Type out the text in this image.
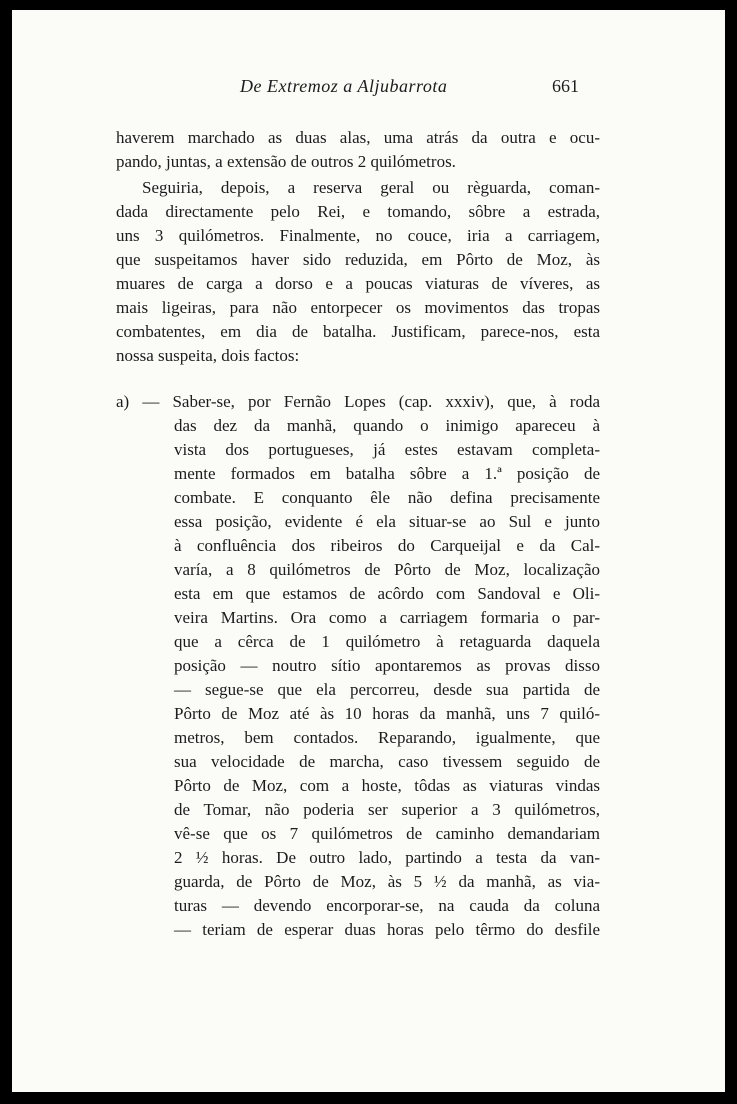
De Extremoz a Aljubarrota	661
haverem marchado as duas alas, uma atrás da outra e ocu-
pando, juntas, a extensão de outros 2 quilómetros.
Seguiria, depois, a reserva geral ou règuarda, coman-
dada directamente pelo Rei, e tomando, sôbre a estrada,
uns 3 quilómetros. Finalmente, no couce, iria a carriagem,
que suspeitamos haver sido reduzida, em Pôrto de Moz, às
muares de carga a dorso e a poucas viaturas de víveres, as
mais ligeiras, para não entorpecer os movimentos das tropas
combatentes, em dia de batalha. Justificam, parece-nos, esta
nossa suspeita, dois factos:
a) — Saber-se, por Fernão Lopes (cap. xxxiv), que, à roda
das dez da manhã, quando o inimigo apareceu à
vista dos portugueses, já estes estavam completa-
mente formados em batalha sôbre a 1.ª posição de
combate. E conquanto êle não defina precisamente
essa posição, evidente é ela situar-se ao Sul e junto
à confluência dos ribeiros do Carqueijal e da Cal-
varía, a 8 quilómetros de Pôrto de Moz, localização
esta em que estamos de acôrdo com Sandoval e Oli-
veira Martins. Ora como a carriagem formaria o par-
que a cêrca de 1 quilómetro à retaguarda daquela
posição — noutro sítio apontaremos as provas disso
— segue-se que ela percorreu, desde sua partida de
Pôrto de Moz até às 10 horas da manhã, uns 7 quiló-
metros, bem contados. Reparando, igualmente, que
sua velocidade de marcha, caso tivessem seguido de
Pôrto de Moz, com a hoste, tôdas as viaturas vindas
de Tomar, não poderia ser superior a 3 quilómetros,
vê-se que os 7 quilómetros de caminho demandariam
2 ½ horas. De outro lado, partindo a testa da van-
guarda, de Pôrto de Moz, às 5 ½ da manhã, as via-
turas — devendo encorporar-se, na cauda da coluna
— teriam de esperar duas horas pelo têrmo do desfile
